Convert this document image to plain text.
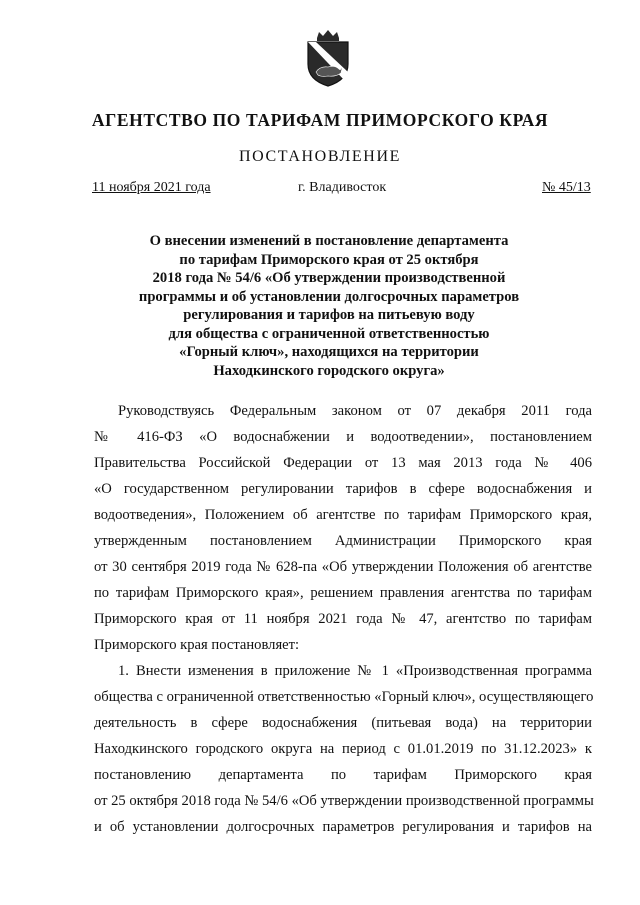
АГЕНТСТВО ПО ТАРИФАМ ПРИМОРСКОГО КРАЯ
ПОСТАНОВЛЕНИЕ
11 ноября 2021 года	г. Владивосток	№ 45/13
О внесении изменений в постановление департамента
по тарифам Приморского края от 25 октября
2018 года № 54/6 «Об утверждении производственной
программы и об установлении долгосрочных параметров
регулирования и тарифов на питьевую воду
для общества с ограниченной ответственностью
«Горный ключ», находящихся на территории
Находкинского городского округа»
Руководствуясь Федеральным законом от 07 декабря 2011 года
№ 416-ФЗ «О водоснабжении и водоотведении», постановлением
Правительства Российской Федерации от 13 мая 2013 года № 406
«О государственном регулировании тарифов в сфере водоснабжения и
водоотведения», Положением об агентстве по тарифам Приморского края,
утвержденным постановлением Администрации Приморского края
от 30 сентября 2019 года № 628-па «Об утверждении Положения об агентстве
по тарифам Приморского края», решением правления агентства по тарифам
Приморского края от 11 ноября 2021 года № 47, агентство по тарифам
Приморского края постановляет:
1. Внести изменения в приложение № 1 «Производственная программа
общества с ограниченной ответственностью «Горный ключ», осуществляющего
деятельность в сфере водоснабжения (питьевая вода) на территории
Находкинского городского округа на период с 01.01.2019 по 31.12.2023» к
постановлению департамента по тарифам Приморского края
от 25 октября 2018 года № 54/6 «Об утверждении производственной программы
и об установлении долгосрочных параметров регулирования и тарифов на
